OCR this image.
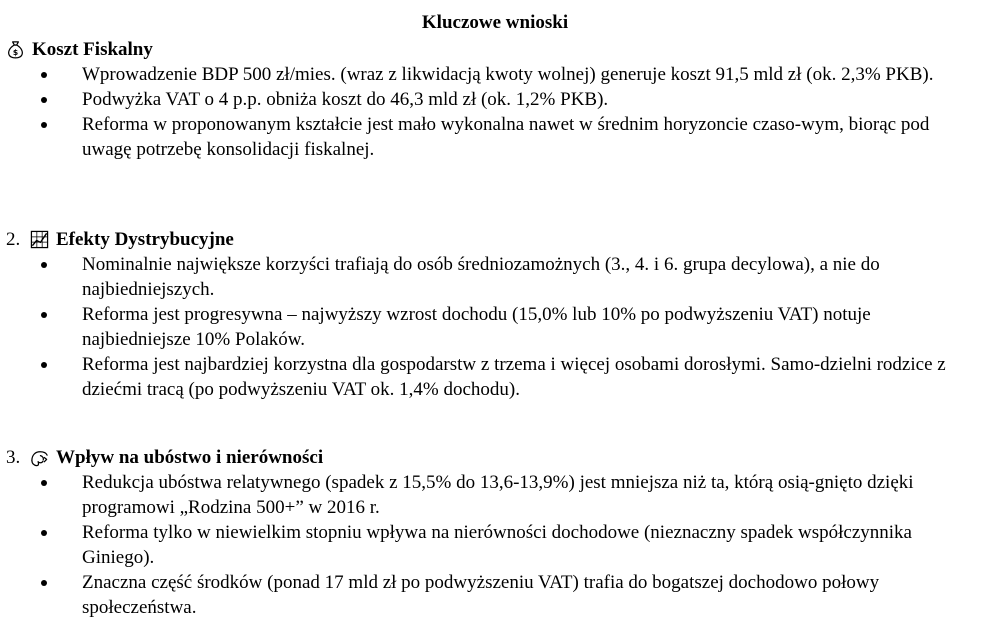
Kluczowe wnioski
$ Koszt Fiskalny
Wprowadzenie BDP 500 zł/mies. (wraz z likwidacją kwoty wolnej) generuje koszt 91,5 mld zł (ok. 2,3% PKB).
Podwyżka VAT o 4 p.p. obniża koszt do 46,3 mld zł (ok. 1,2% PKB).
Reforma w proponowanym kształcie jest mało wykonalna nawet w średnim horyzoncie czaso-wym, biorąc pod uwagę potrzebę konsolidacji fiskalnej.
2. Efekty Dystrybucyjne
Nominalnie największe korzyści trafiają do osób średniozamożnych (3., 4. i 6. grupa decylowa), a nie do najbiedniejszych.
Reforma jest progresywna – najwyższy wzrost dochodu (15,0% lub 10% po podwyższeniu VAT) notuje najbiedniejsze 10% Polaków.
Reforma jest najbardziej korzystna dla gospodarstw z trzema i więcej osobami dorosłymi. Samo-dzielni rodzice z dziećmi tracą (po podwyższeniu VAT ok. 1,4% dochodu).
3. Wpływ na ubóstwo i nierówności
Redukcja ubóstwa relatywnego (spadek z 15,5% do 13,6-13,9%) jest mniejsza niż ta, którą osią-gnięto dzięki programowi „Rodzina 500+” w 2016 r.
Reforma tylko w niewielkim stopniu wpływa na nierówności dochodowe (nieznaczny spadek współczynnika Giniego).
Znaczna część środków (ponad 17 mld zł po podwyższeniu VAT) trafia do bogatszej dochodowo połowy społeczeństwa.
